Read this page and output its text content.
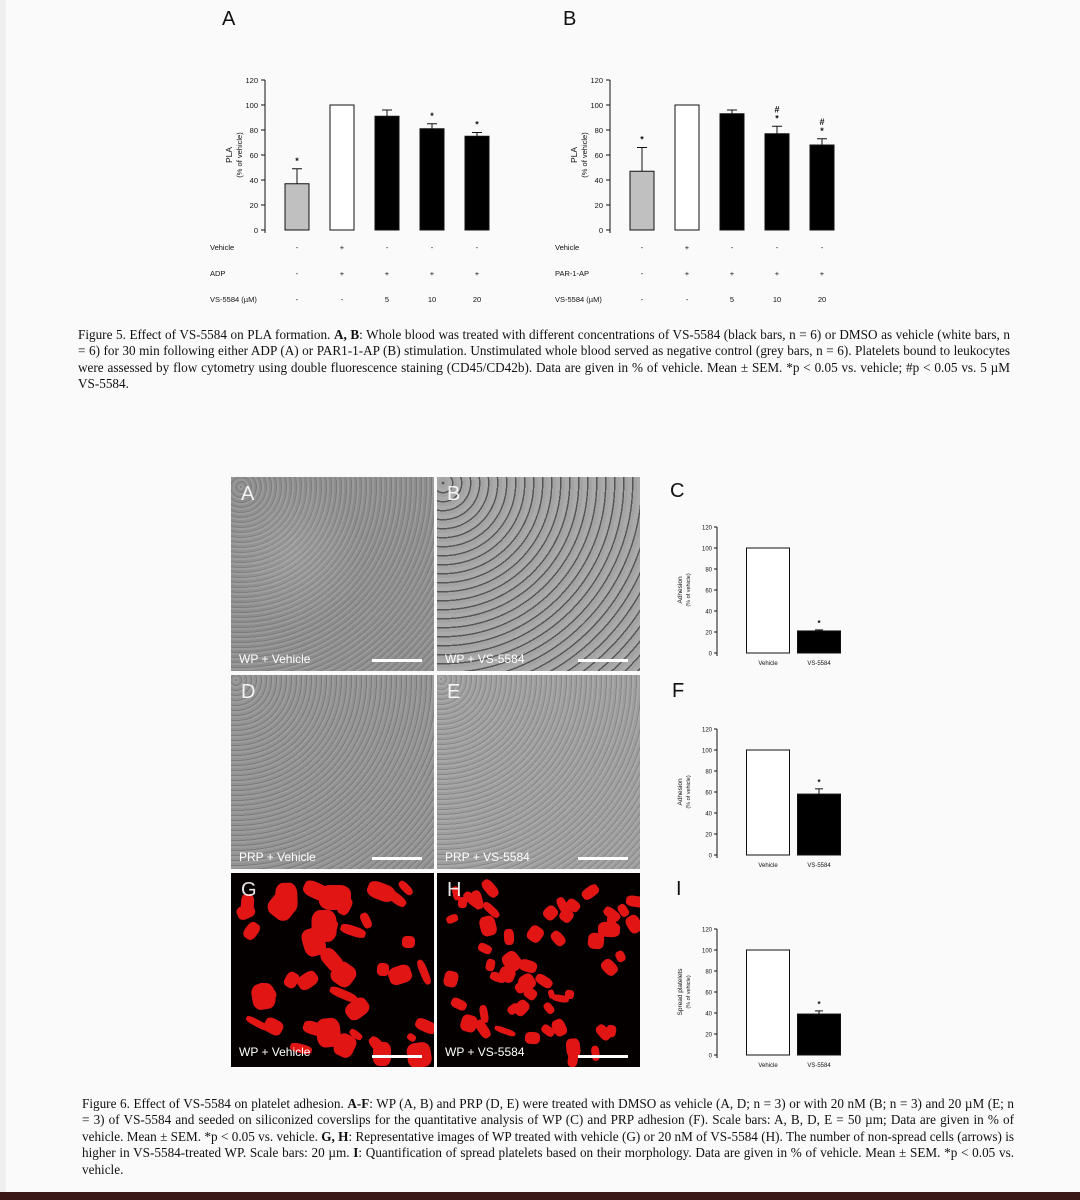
A	B
0
20
40
60
80
100
120
PLA (% of vehicle)	*
*
*
Vehicle	-	+	-	-	-
ADP	-	+	+	+	+
VS-5584 (µM)	-	-	5	10	20
0
20
40
60
80
100
120
PLA (% of vehicle)	*
*
#
*
#
Vehicle	-	+	-	-	-
PAR-1-AP	-	+	+	+	+
VS-5584 (µM)	-	-	5	10	20
Figure 5. Effect of VS-5584 on PLA formation. A, B: Whole blood was treated with different concentrations of VS-5584 (black bars, n = 6) or DMSO as vehicle (white bars, n = 6) for 30 min following either ADP (A) or PAR1-1-AP (B) stimulation. Unstimulated whole blood served as negative control (grey bars, n = 6). Platelets bound to leukocytes were assessed by flow cytometry using double fluorescence staining (CD45/CD42b). Data are given in % of vehicle. Mean ± SEM. *p < 0.05 vs. vehicle; #p < 0.05 vs. 5 µM VS-5584.
A
WP + Vehicle
B
WP + VS-5584
D
PRP + Vehicle
E
PRP + VS-5584
G
WP + Vehicle
H
WP + VS-5584
C
F
I
0
20
40
60
80
100
120
Adhesion (% of vehicle)
Vehicle
*
VS-5584
0
20
40
60
80
100
120
Adhesion (% of vehicle)
Vehicle
*
VS-5584
0
20
40
60
80
100
120
Spread platelets (% of vehicle)
Vehicle
*
VS-5584
Figure 6. Effect of VS-5584 on platelet adhesion. A-F: WP (A, B) and PRP (D, E) were treated with DMSO as vehicle (A, D; n = 3) or with 20 nM (B; n = 3) and 20 µM (E; n = 3) of VS-5584 and seeded on siliconized coverslips for the quantitative analysis of WP (C) and PRP adhesion (F). Scale bars: A, B, D, E = 50 µm; Data are given in % of vehicle. Mean ± SEM. *p < 0.05 vs. vehicle. G, H: Representative images of WP treated with vehicle (G) or 20 nM of VS-5584 (H). The number of non-spread cells (arrows) is higher in VS-5584-treated WP. Scale bars: 20 µm. I: Quantification of spread platelets based on their morphology. Data are given in % of vehicle. Mean ± SEM. *p < 0.05 vs. vehicle.
